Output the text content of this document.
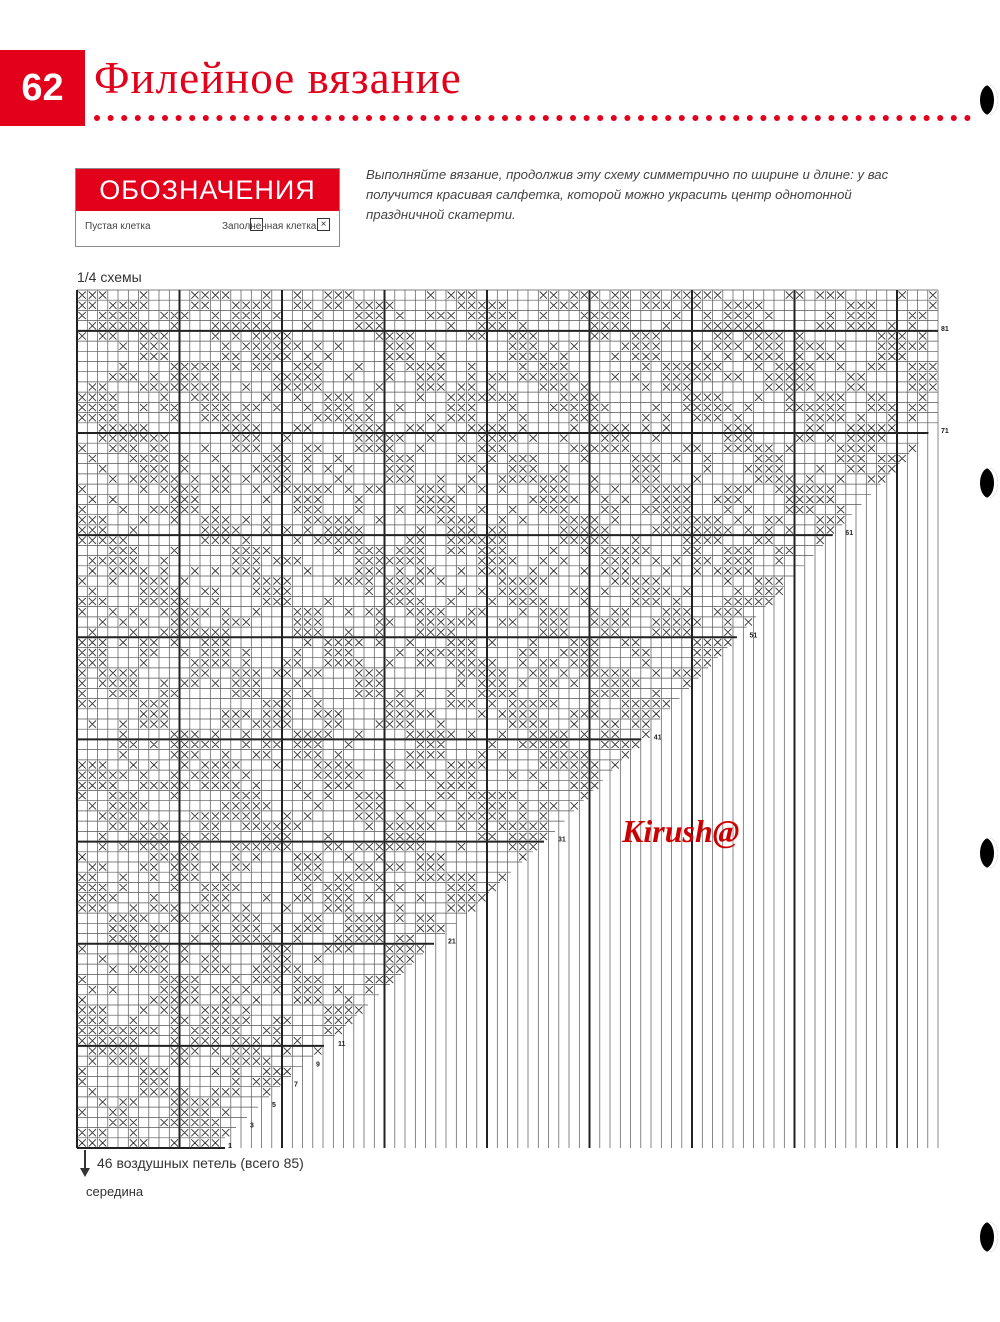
62 Филейное вязание
ОБОЗНАЧЕНИЯ
Пустая клетка	Заполненная клетка ×
Выполняйте вязание, продолжив эту схему симметрично по ширине и длине: у вас получится красивая салфетка, которой можно украсить центр однотонной праздничной скатерти.
1/4 схемы
1
3
5
7
9
11
21
31
41
51
61
71
81
46 воздушных петель (всего 85)
середина
Kirush@
